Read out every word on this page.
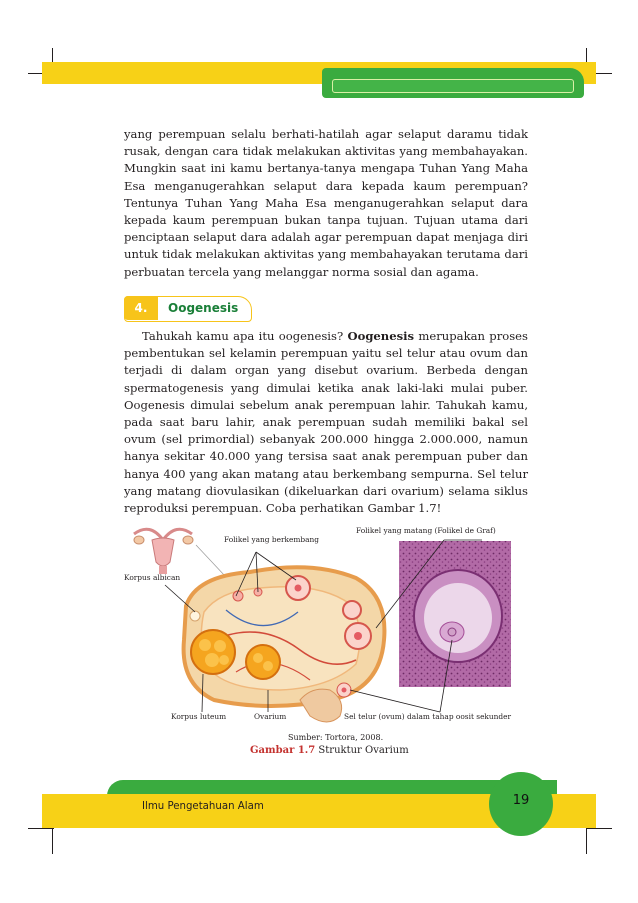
yang perempuan selalu berhati-hatilah agar selaput daramu tidak rusak, dengan cara tidak melakukan aktivitas yang membahayakan. Mungkin saat ini kamu bertanya-tanya mengapa Tuhan Yang Maha Esa menganugerahkan selaput dara kepada kaum perempuan? Tentunya Tuhan Yang Maha Esa menganugerahkan selaput dara kepada kaum perempuan bukan tanpa tujuan. Tujuan utama dari penciptaan selaput dara adalah agar perempuan dapat menjaga diri untuk tidak melakukan aktivitas yang membahayakan terutama dari perbuatan tercela yang melanggar norma sosial dan agama.

4.	Oogenesis

Tahukah kamu apa itu oogenesis? Oogenesis merupakan proses pembentukan sel kelamin perempuan yaitu sel telur atau ovum dan terjadi di dalam organ yang disebut ovarium. Berbeda dengan spermatogenesis yang dimulai ketika anak laki-laki mulai puber. Oogenesis dimulai sebelum anak perempuan lahir. Tahukah kamu, pada saat baru lahir, anak perempuan sudah memiliki bakal sel ovum (sel primordial) sebanyak 200.000 hingga 2.000.000, namun hanya sekitar 40.000 yang tersisa saat anak perempuan puber dan hanya 400 yang akan matang atau berkembang sempurna. Sel telur yang matang diovulasikan (dikeluarkan dari ovarium) selama siklus reproduksi perempuan. Coba perhatikan Gambar 1.7!

Folikel yang berkembang
Folikel yang matang (Folikel de Graf)
Korpus albican
Korpus luteum	Ovarium	Sel telur (ovum) dalam tahap oosit sekunder
Sumber: Tortora, 2008.
Gambar 1.7 Struktur Ovarium
Ilmu Pengetahuan Alam	19
